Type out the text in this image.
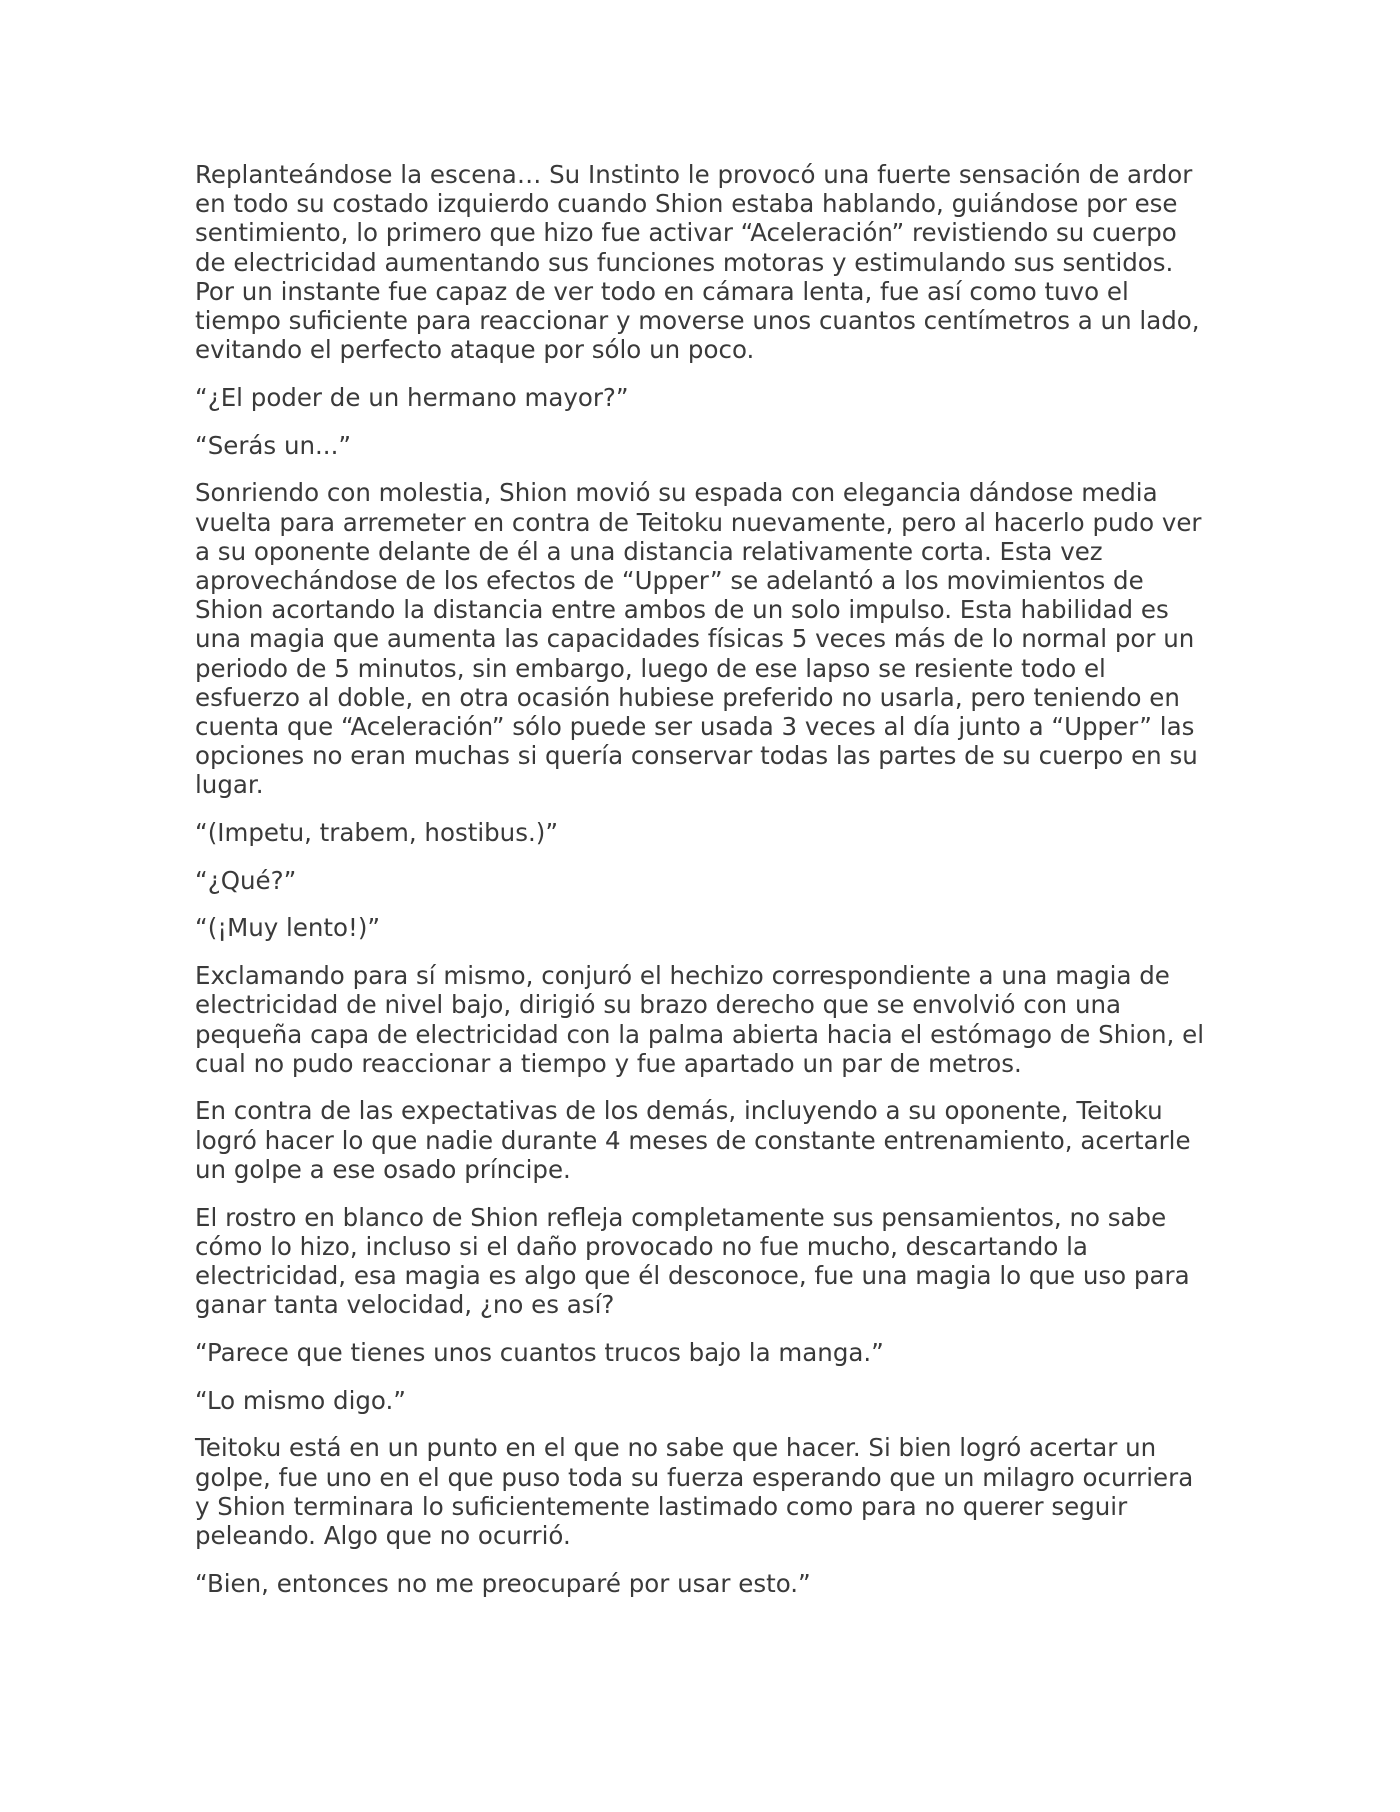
Replanteándose la escena… Su Instinto le provocó una fuerte sensación de ardor en todo su costado izquierdo cuando Shion estaba hablando, guiándose por ese sentimiento, lo primero que hizo fue activar “Aceleración” revistiendo su cuerpo de electricidad aumentando sus funciones motoras y estimulando sus sentidos. Por un instante fue capaz de ver todo en cámara lenta, fue así como tuvo el tiempo suficiente para reaccionar y moverse unos cuantos centímetros a un lado, evitando el perfecto ataque por sólo un poco.

“¿El poder de un hermano mayor?”

“Serás un...”

Sonriendo con molestia, Shion movió su espada con elegancia dándose media vuelta para arremeter en contra de Teitoku nuevamente, pero al hacerlo pudo ver a su oponente delante de él a una distancia relativamente corta. Esta vez aprovechándose de los efectos de “Upper” se adelantó a los movimientos de Shion acortando la distancia entre ambos de un solo impulso. Esta habilidad es una magia que aumenta las capacidades físicas 5 veces más de lo normal por un periodo de 5 minutos, sin embargo, luego de ese lapso se resiente todo el esfuerzo al doble, en otra ocasión hubiese preferido no usarla, pero teniendo en cuenta que “Aceleración” sólo puede ser usada 3 veces al día junto a “Upper” las opciones no eran muchas si quería conservar todas las partes de su cuerpo en su lugar.

“(Impetu, trabem, hostibus.)”

“¿Qué?”

“(¡Muy lento!)”

Exclamando para sí mismo, conjuró el hechizo correspondiente a una magia de electricidad de nivel bajo, dirigió su brazo derecho que se envolvió con una pequeña capa de electricidad con la palma abierta hacia el estómago de Shion, el cual no pudo reaccionar a tiempo y fue apartado un par de metros.

En contra de las expectativas de los demás, incluyendo a su oponente, Teitoku logró hacer lo que nadie durante 4 meses de constante entrenamiento, acertarle un golpe a ese osado príncipe.

El rostro en blanco de Shion refleja completamente sus pensamientos, no sabe cómo lo hizo, incluso si el daño provocado no fue mucho, descartando la electricidad, esa magia es algo que él desconoce, fue una magia lo que uso para ganar tanta velocidad, ¿no es así?

“Parece que tienes unos cuantos trucos bajo la manga.”

“Lo mismo digo.”

Teitoku está en un punto en el que no sabe que hacer. Si bien logró acertar un golpe, fue uno en el que puso toda su fuerza esperando que un milagro ocurriera y Shion terminara lo suficientemente lastimado como para no querer seguir peleando. Algo que no ocurrió.

“Bien, entonces no me preocuparé por usar esto.”
